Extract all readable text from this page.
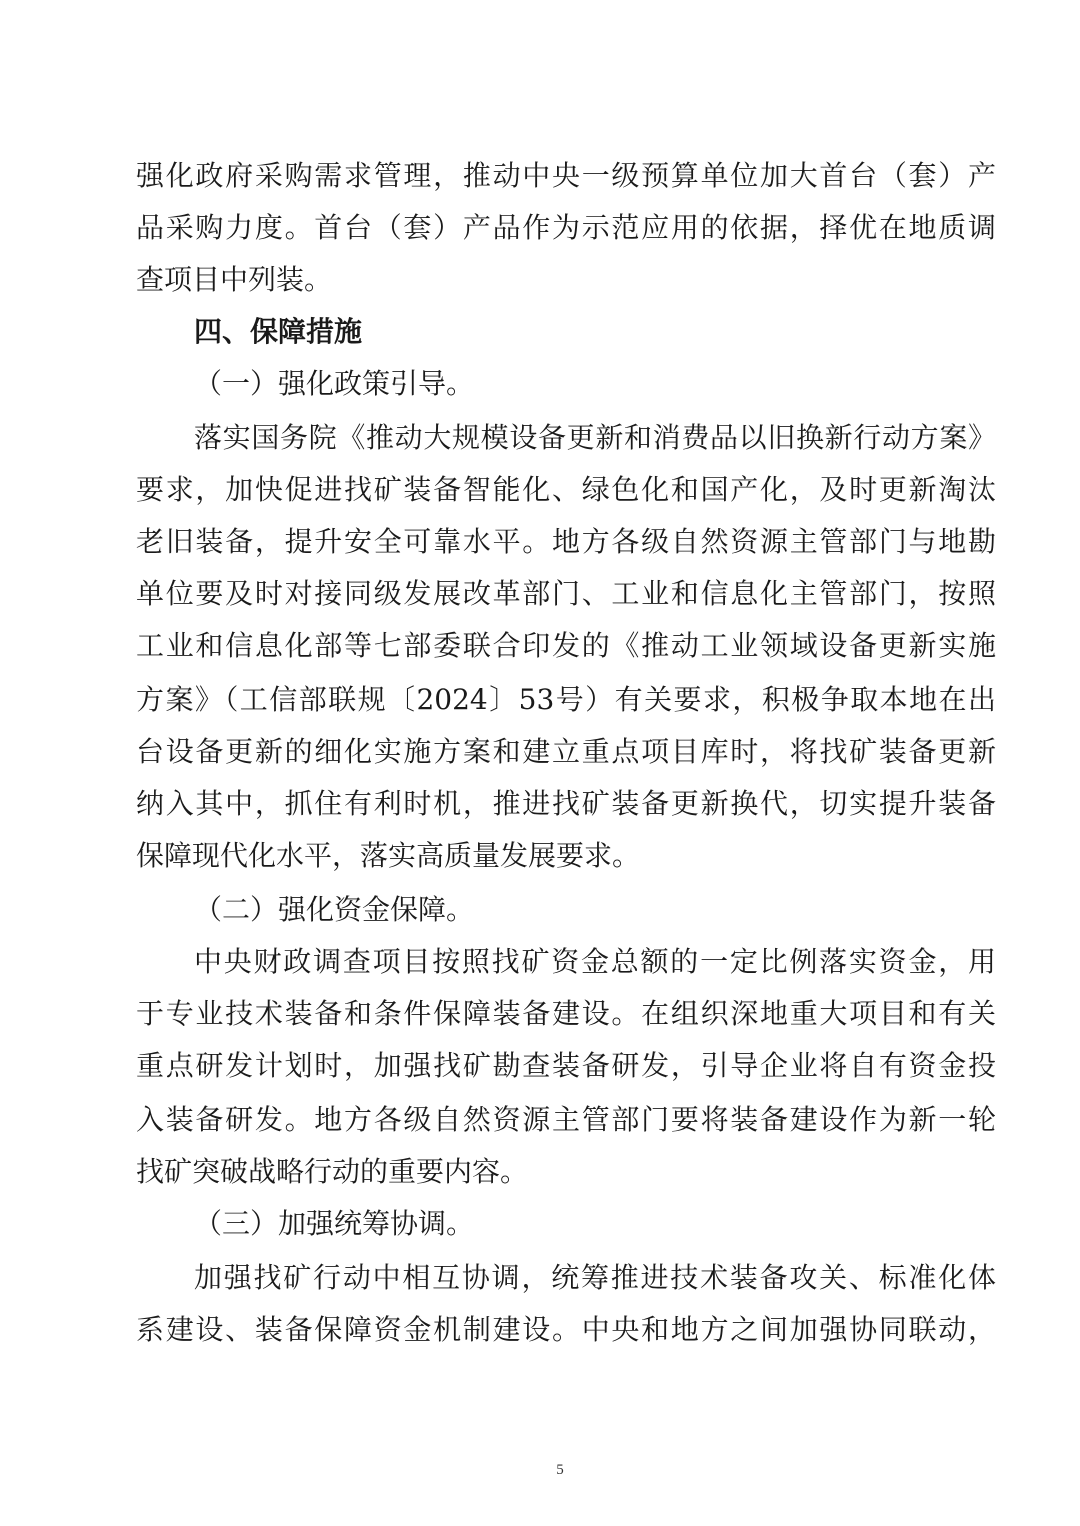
强化政府采购需求管理，推动中央一级预算单位加大首台（套）产
品采购力度。首台（套）产品作为示范应用的依据，择优在地质调
查项目中列装。
四、保障措施
（一）强化政策引导。
落实国务院《推动大规模设备更新和消费品以旧换新行动方案》
要求，加快促进找矿装备智能化、绿色化和国产化，及时更新淘汰
老旧装备，提升安全可靠水平。地方各级自然资源主管部门与地勘
单位要及时对接同级发展改革部门、工业和信息化主管部门，按照
工业和信息化部等七部委联合印发的《推动工业领域设备更新实施
方案》（工信部联规〔2024〕53号）有关要求，积极争取本地在出
台设备更新的细化实施方案和建立重点项目库时，将找矿装备更新
纳入其中，抓住有利时机，推进找矿装备更新换代，切实提升装备
保障现代化水平，落实高质量发展要求。
（二）强化资金保障。
中央财政调查项目按照找矿资金总额的一定比例落实资金，用
于专业技术装备和条件保障装备建设。在组织深地重大项目和有关
重点研发计划时，加强找矿勘查装备研发，引导企业将自有资金投
入装备研发。地方各级自然资源主管部门要将装备建设作为新一轮
找矿突破战略行动的重要内容。
（三）加强统筹协调。
加强找矿行动中相互协调，统筹推进技术装备攻关、标准化体
系建设、装备保障资金机制建设。中央和地方之间加强协同联动，
5
